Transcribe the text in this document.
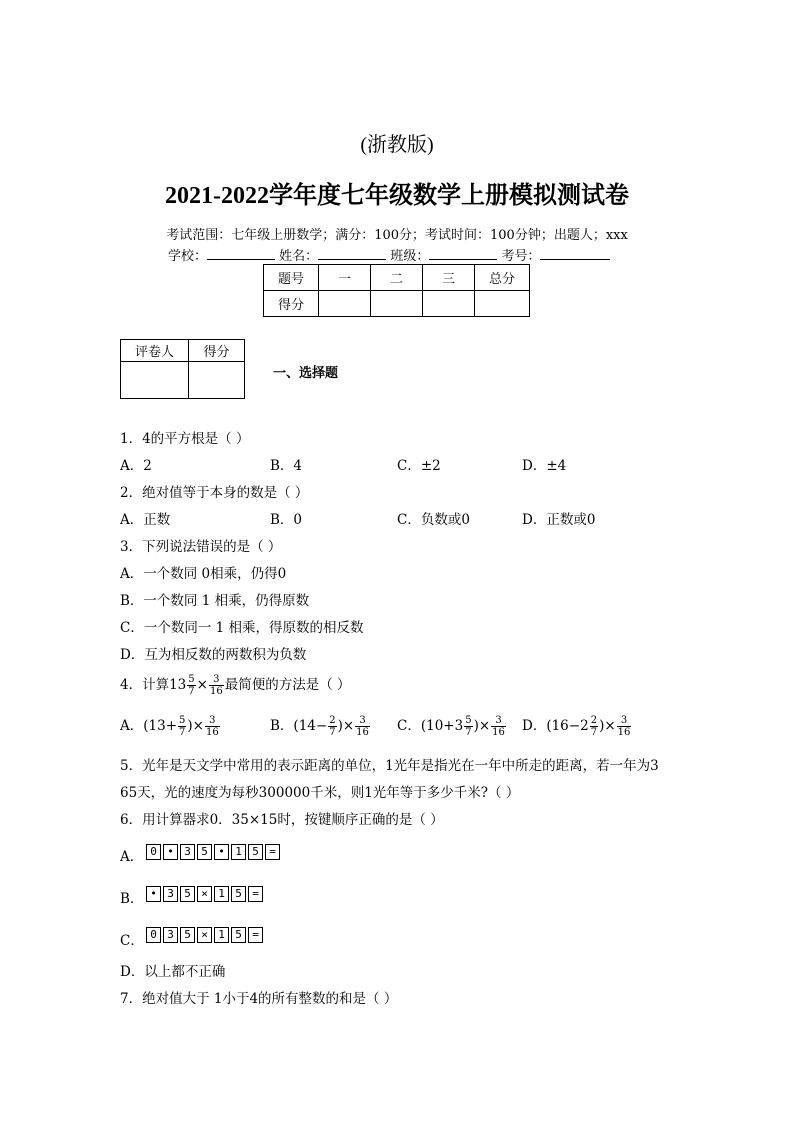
(浙教版)
2021-2022学年度七年级数学上册模拟测试卷
考试范围：七年级上册数学；满分：100分；考试时间：100分钟；出题人；xxx
学校：	姓名：	班级：	考号：
题号	一	二	三	总分
得分				
评卷人	得分

一、选择题
1．4的平方根是（ ）
A．2	B．4	C．±2	D．±4
2．绝对值等于本身的数是（ ）
A．正数	B．0	C．负数或0	D．正数或0
3．下列说法错误的是（ ）
A．一个数同 0相乘，仍得0
B．一个数同 1 相乘，仍得原数
C．一个数同一 1 相乘，得原数的相反数
D．互为相反数的两数积为负数
4．计算$13 \frac{5}{7} \times \frac{3}{16}$ 最简便的方法是（ ）
A．($13+ \frac{5}{7}$ )× $\frac{3}{16}$	B．($14- \frac{2}{7}$ )× $\frac{3}{16}$ C．($10+3 \frac{5}{7}$ )× $\frac{3}{16}$ D．($16-2 \frac{2}{7}$ )× $\frac{3}{16}$
5．光年是天文学中常用的表示距离的单位，1光年是指光在一年中所走的距离，若一年为3
65天，光的速度为每秒300000千米，则1光年等于多少千米?（ ）
6．用计算器求0．35×15时，按键顺序正确的是（ ）
A． 0 • 3 5 • 1 5 =
B． • 3 5 × 1 5 =
C． 0 3 5 × 1 5 =
D．以上都不正确
7．绝对值大于 1小于4的所有整数的和是（ ）
